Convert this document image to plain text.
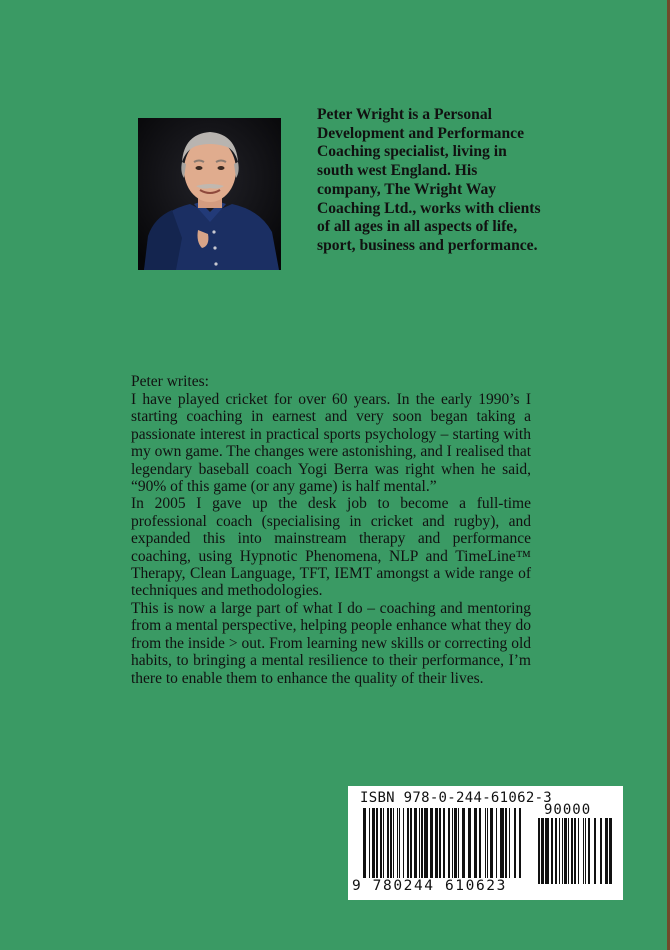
Peter Wright is a Personal Development and Performance Coaching specialist, living in south west England. His company, The Wright Way Coaching Ltd., works with clients of all ages in all aspects of life, sport, business and performance.

Peter writes:

I have played cricket for over 60 years. In the early 1990’s I starting coaching in earnest and very soon began taking a passionate interest in practical sports psychology – starting with my own game. The changes were astonishing, and I realised that legendary baseball coach Yogi Berra was right when he said, “90% of this game (or any game) is half mental.”

In 2005 I gave up the desk job to become a full-time professional coach (specialising in cricket and rugby), and expanded this into mainstream therapy and performance coaching, using Hypnotic Phenomena, NLP and TimeLine™ Therapy, Clean Language, TFT, IEMT amongst a wide range of techniques and methodologies.

This is now a large part of what I do – coaching and mentoring from a mental perspective, helping people enhance what they do from the inside > out. From learning new skills or correcting old habits, to bringing a mental resilience to their performance, I’m there to enable them to enhance the quality of their lives.

ISBN 978-0-244-61062-3
90000
9 780244 610623
